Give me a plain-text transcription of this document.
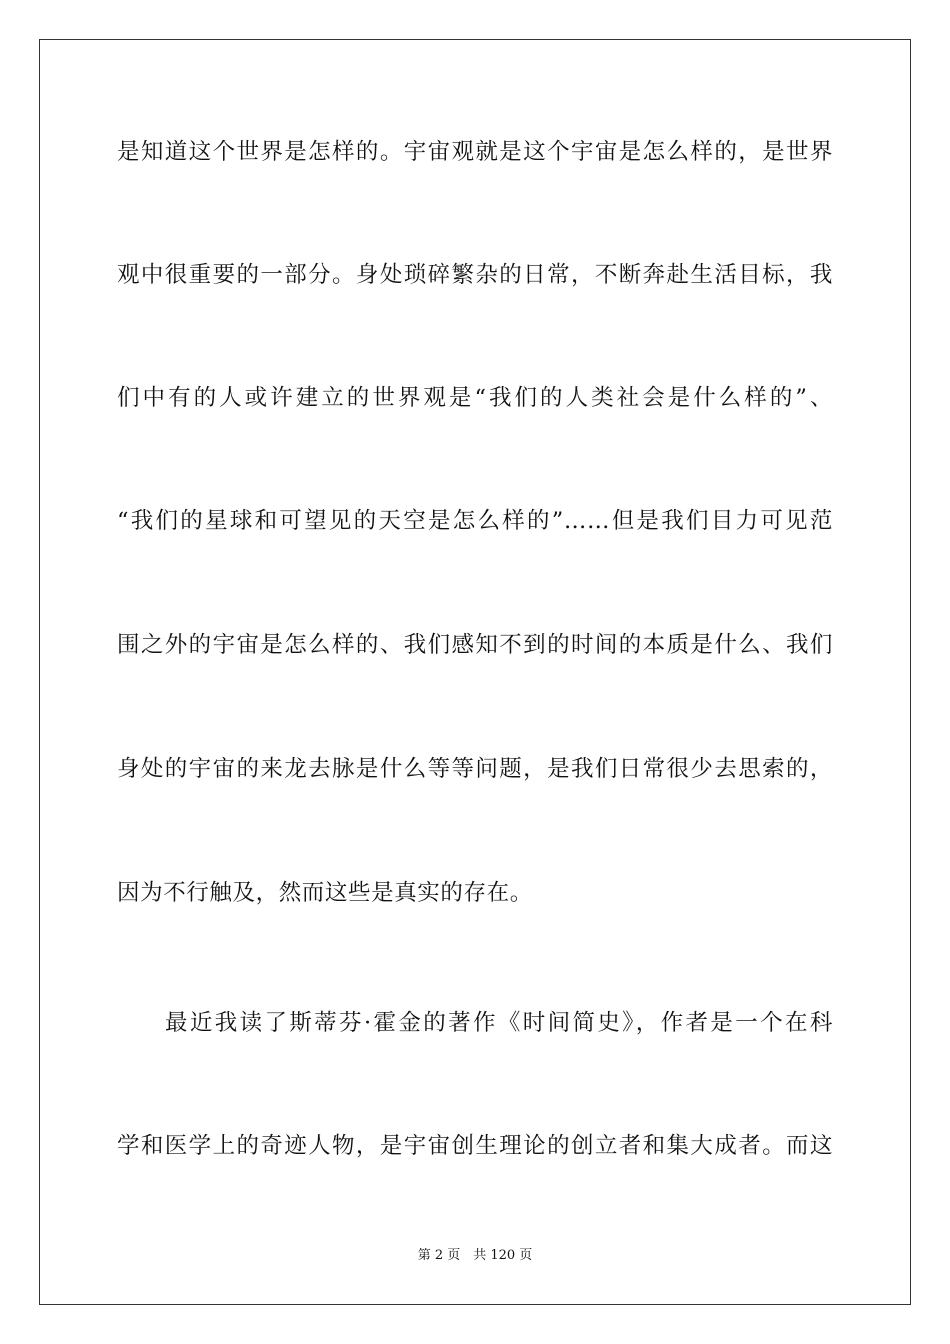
是知道这个世界是怎样的。宇宙观就是这个宇宙是怎么样的，是世界
观中很重要的一部分。身处琐碎繁杂的日常，不断奔赴生活目标，我
们中有的人或许建立的世界观是“我们的人类社会是什么样的”、
“我们的星球和可望见的天空是怎么样的”……但是我们目力可见范
围之外的宇宙是怎么样的、我们感知不到的时间的本质是什么、我们
身处的宇宙的来龙去脉是什么等等问题，是我们日常很少去思索的，
因为不行触及，然而这些是真实的存在。
最近我读了斯蒂芬·霍金的著作《时间简史》，作者是一个在科
学和医学上的奇迹人物，是宇宙创生理论的创立者和集大成者。而这
第 2 页　共 120 页
